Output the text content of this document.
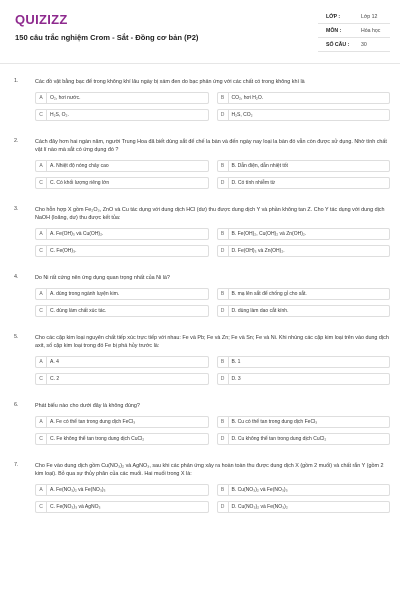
QUIZIZZ
150 câu trắc nghiệm Crom - Sắt - Đồng cơ bản (P2)
LỚP :	Lớp 12
MÔN :	Hóa học
SỐ CÂU : 30
1.	Các đồ vật bằng bạc để trong không khí lâu ngày bị xám đen do bạc phản ứng với các chất có trong không khí là
A	O₂, hơi nước.	B	CO₂, hơi H₂O.
C	H₂S, O₂.	D	H₂S, CO₂
2.	Cách đây hơn hai ngàn năm, người Trung Hoa đã biết dùng sắt để chế la bàn và đến ngày nay loại la bàn đó vẫn còn được sử dụng. Nhờ tính chất vật lí nào mà sắt có ứng dụng đó ?
A	A. Nhiệt độ nóng chảy cao	B	B. Dẫn điện, dẫn nhiệt tốt
C	C. Có khối lượng riêng lớn	D	D. Có tính nhiễm từ
3.	Cho hỗn hợp X gồm Fe₂O₃, ZnO và Cu tác dụng với dung dịch HCl (dư) thu được dung dịch Y và phần không tan Z. Cho Y tác dụng với dung dịch NaOH (loãng, dư) thu được kết tủa:
A	A. Fe(OH)₃ và Cu(OH)₂.	B	B. Fe(OH)₂, Cu(OH)₂ và Zn(OH)₂.
C	C. Fe(OH)₃.	D	D. Fe(OH)₃ và Zn(OH)₂.
4.	Do Ni rất cứng nên ứng dụng quan trọng nhất của Ni là?
A	A. dùng trong ngành luyện kim.	B	B. mạ lên sắt để chống gỉ cho sắt.
C	C. dùng làm chất xúc tác.	D	D. dùng làm dao cắt kính.
5.	Cho các cặp kim loại nguyên chất tiếp xúc trực tiếp với nhau: Fe và Pb; Fe và Zn; Fe và Sn; Fe và Ni. Khi nhúng các cặp kim loại trên vào dung dịch axit, số cặp kim loại trong đó Fe bị phá hủy trước là:
A	A. 4	B	B. 1
C	C. 2	D	D. 3
6.	Phát biểu nào cho dưới đây là không đúng?
A	A. Fe có thể tan trong dung dịch FeCl₃	B	B. Cu có thể tan trong dung dịch FeCl₃
C	C. Fe không thể tan trong dung dịch CuCl₂	D	D. Cu không thể tan trong dung dịch CuCl₂
7.	Cho Fe vào dung dịch gồm Cu(NO₃)₂ và AgNO₃, sau khi các phản ứng xảy ra hoàn toàn thu được dung dịch X (gồm 2 muối) và chất rắn Y (gồm 2 kim loại). Bỏ qua sự thủy phân của các muối. Hai muối trong X là:
A	A. Fe(NO₃)₂ và Fe(NO₃)₃	B	B. Cu(NO₃)₂ và Fe(NO₃)₃
C	C. Fe(NO₃)₃ và AgNO₃	D	D. Cu(NO₃)₂ và Fe(NO₃)₂
